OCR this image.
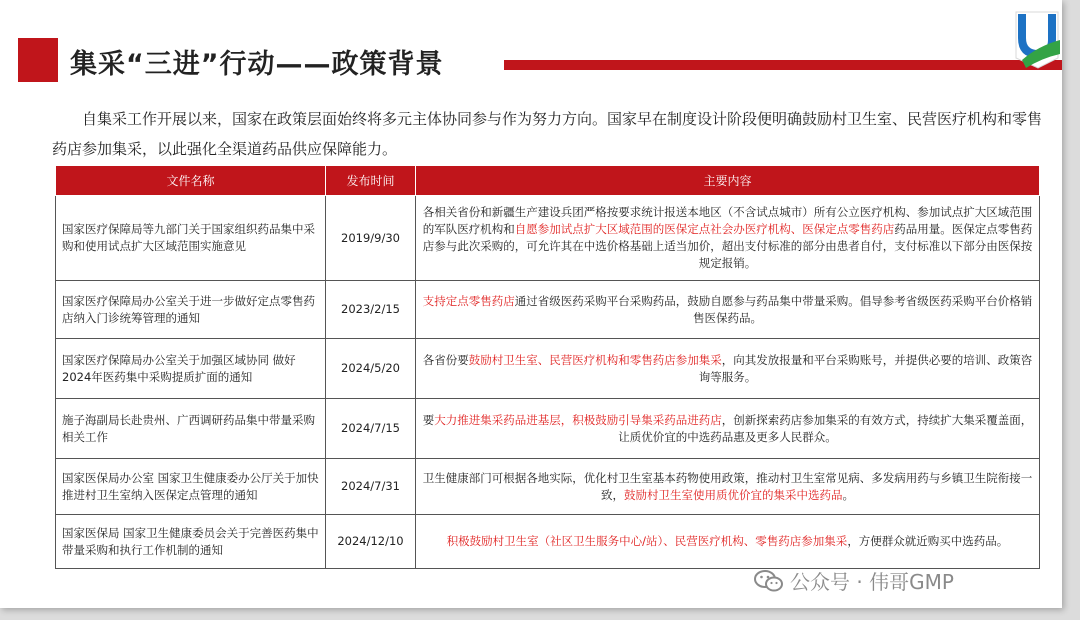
集采“三进”行动——政策背景

自集采工作开展以来，国家在政策层面始终将多元主体协同参与作为努力方向。国家早在制度设计阶段便明确鼓励村卫生室、民营医疗机构和零售药店参加集采，以此强化全渠道药品供应保障能力。

文件名称	发布时间	主要内容
国家医疗保障局等九部门关于国家组织药品集中采购和使用试点扩大区域范围实施意见	2019/9/30	各相关省份和新疆生产建设兵团严格按要求统计报送本地区（不含试点城市）所有公立医疗机构、参加试点扩大区域范围的军队医疗机构和自愿参加试点扩大区域范围的医保定点社会办医疗机构、医保定点零售药店药品用量。医保定点零售药店参与此次采购的，可允许其在中选价格基础上适当加价，超出支付标准的部分由患者自付，支付标准以下部分由医保按规定报销。
国家医疗保障局办公室关于进一步做好定点零售药店纳入门诊统筹管理的通知	2023/2/15	支持定点零售药店通过省级医药采购平台采购药品，鼓励自愿参与药品集中带量采购。倡导参考省级医药采购平台价格销售医保药品。
国家医疗保障局办公室关于加强区域协同 做好2024年医药集中采购提质扩面的通知	2024/5/20	各省份要鼓励村卫生室、民营医疗机构和零售药店参加集采，向其发放报量和平台采购账号，并提供必要的培训、政策咨询等服务。
施子海副局长赴贵州、广西调研药品集中带量采购相关工作	2024/7/15	要大力推进集采药品进基层，积极鼓励引导集采药品进药店，创新探索药店参加集采的有效方式，持续扩大集采覆盖面，让质优价宜的中选药品惠及更多人民群众。
国家医保局办公室 国家卫生健康委办公厅关于加快推进村卫生室纳入医保定点管理的通知	2024/7/31	卫生健康部门可根据各地实际，优化村卫生室基本药物使用政策，推动村卫生室常见病、多发病用药与乡镇卫生院衔接一致，鼓励村卫生室使用质优价宜的集采中选药品。
国家医保局 国家卫生健康委员会关于完善医药集中带量采购和执行工作机制的通知	2024/12/10	积极鼓励村卫生室（社区卫生服务中心/站）、民营医疗机构、零售药店参加集采，方便群众就近购买中选药品。
公众号 · 伟哥GMP
